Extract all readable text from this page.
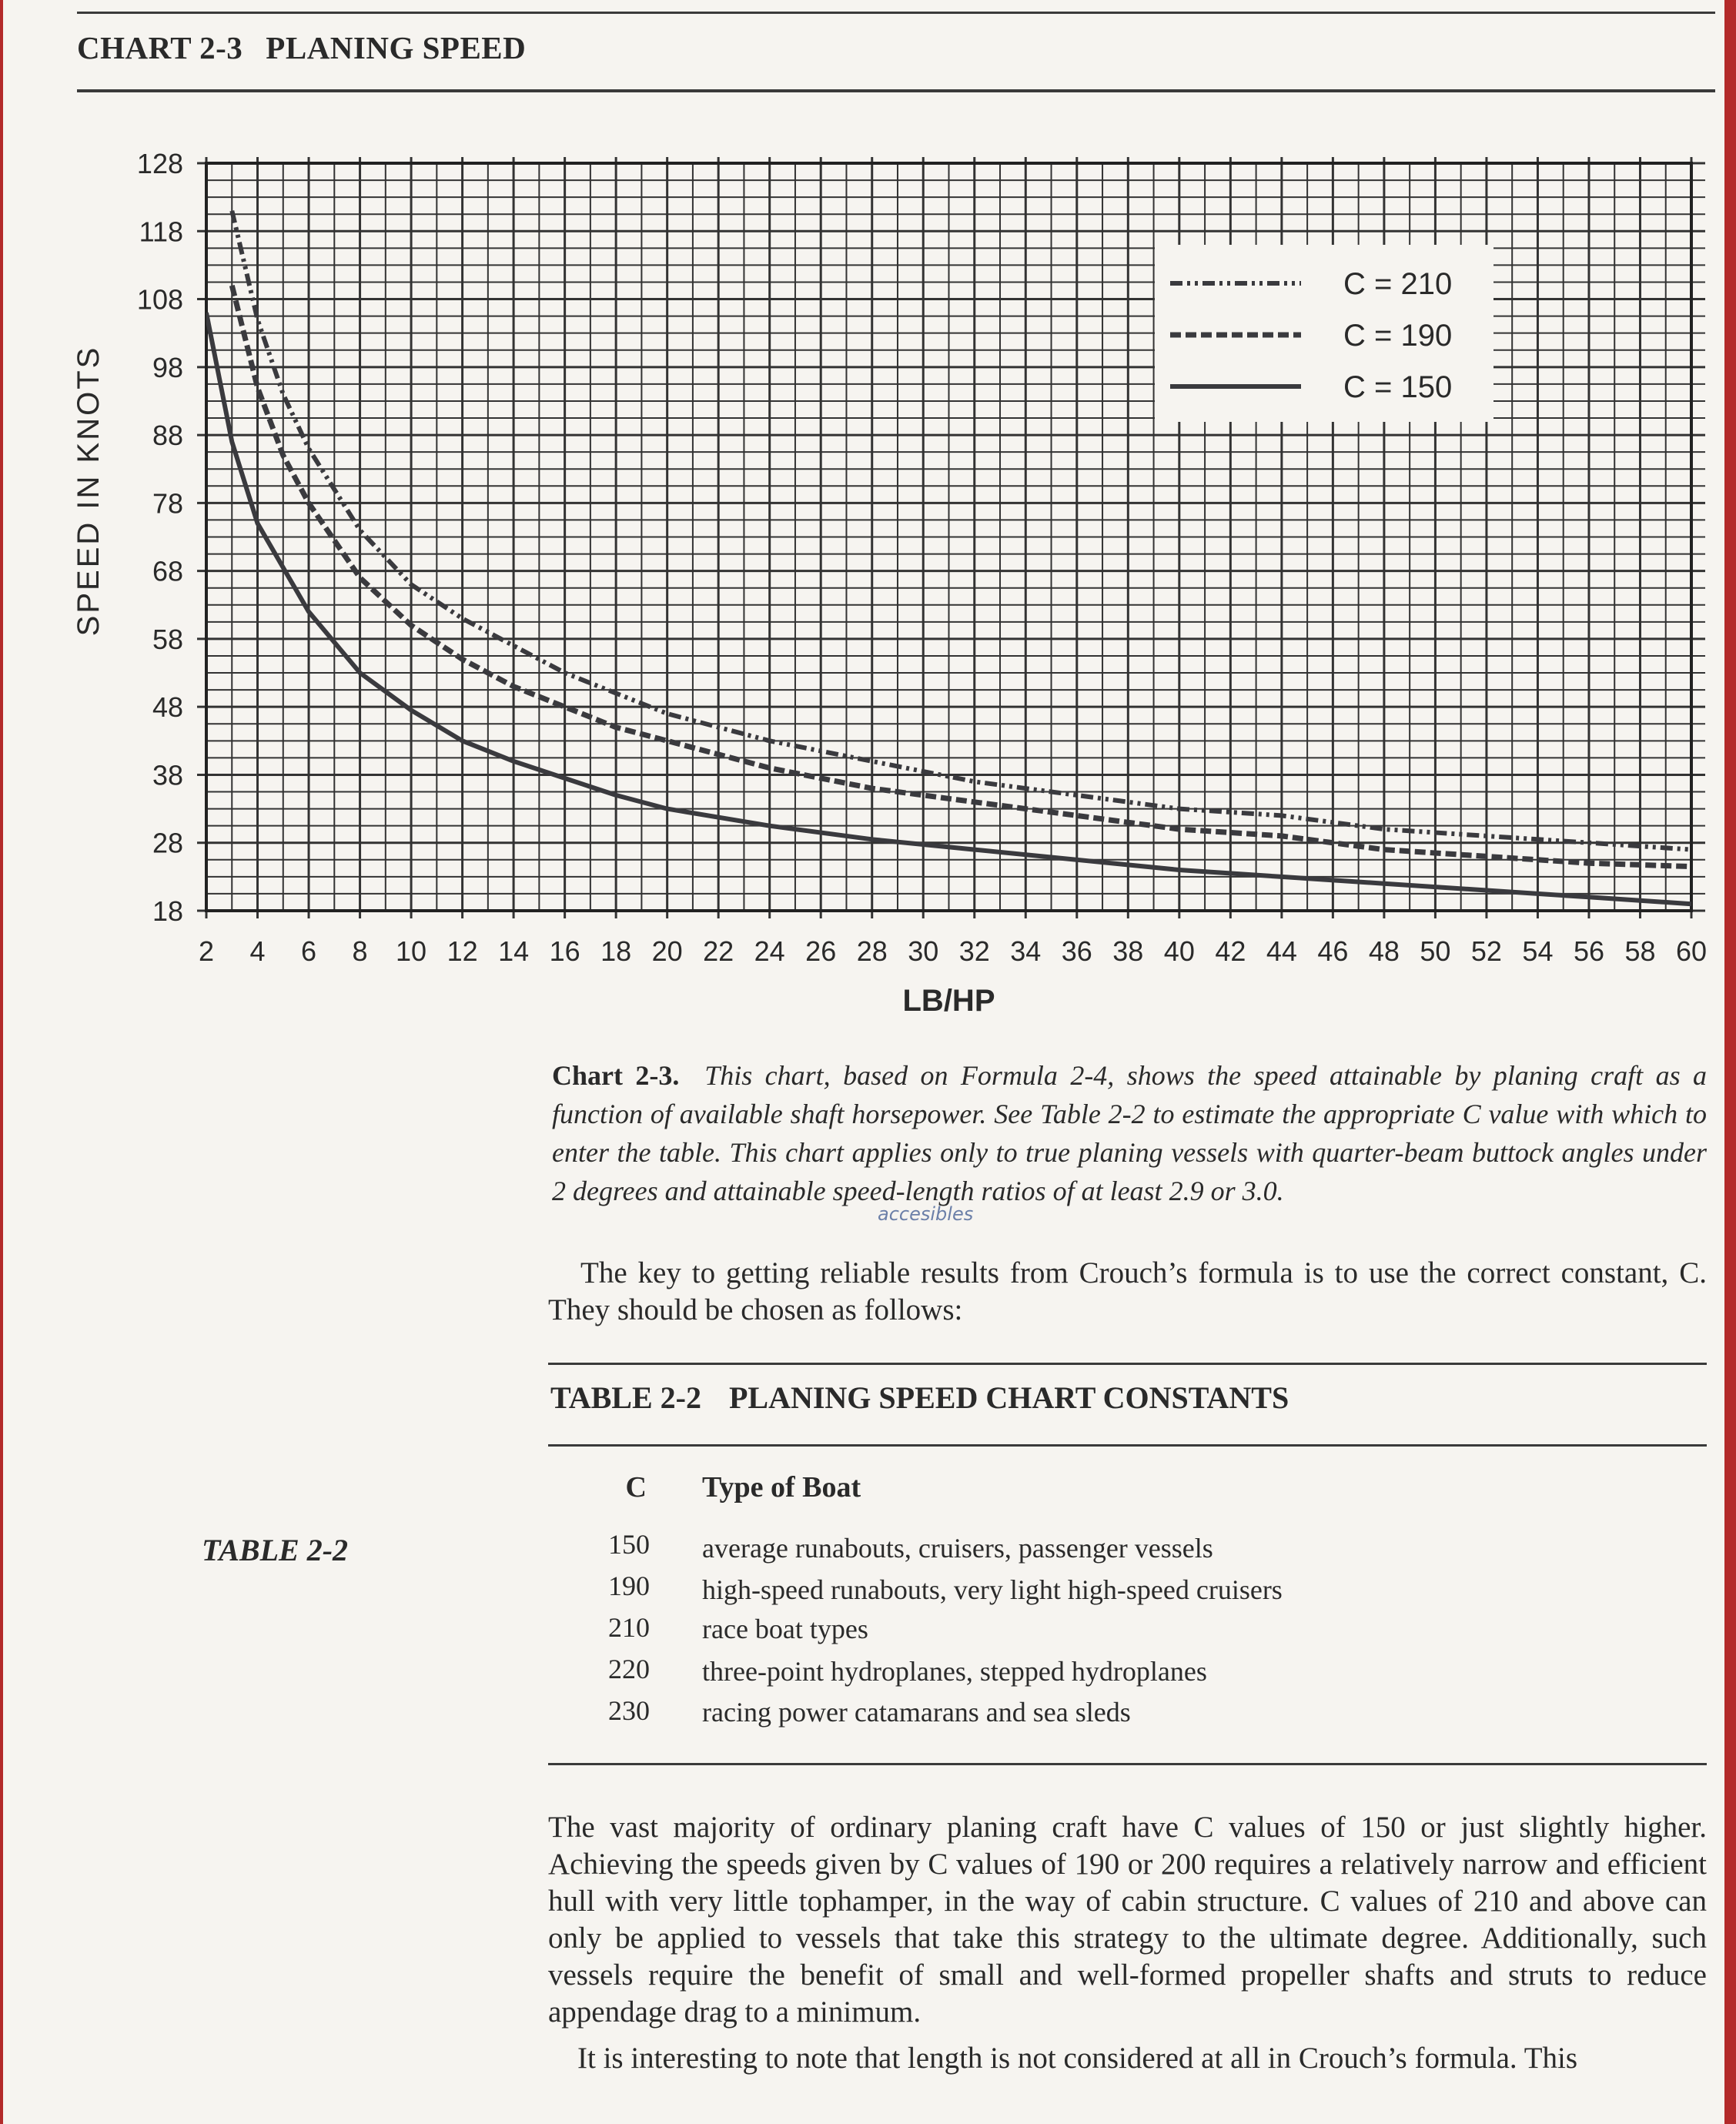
CHART 2-3 PLANING SPEED
18
28
38
48
58
68
78
88
98
108
118
128
2 4 6 8 10 12 14 16 18 20 22 24 26 28 30 32 34 36 38 40 42 44 46 48 50 52 54 56 58 60
LB/HP
SPEED IN KNOTS
C = 210
C = 190
C = 150
Chart 2-3. This chart, based on Formula 2-4, shows the speed attainable by planing craft as a function of available shaft horsepower. See Table 2-2 to estimate the appropriate C value with which to enter the table. This chart applies only to true planing vessels with quarter-beam buttock angles under 2 degrees and attainable speed-length ratios of at least 2.9 or 3.0.
accesibles
The key to getting reliable results from Crouch’s formula is to use the correct constant, C. They should be chosen as follows:
TABLE 2-2 PLANING SPEED CHART CONSTANTS
TABLE 2-2
C Type of Boat
150 average runabouts, cruisers, passenger vessels
190 high-speed runabouts, very light high-speed cruisers
210 race boat types
220 three-point hydroplanes, stepped hydroplanes
230 racing power catamarans and sea sleds
The vast majority of ordinary planing craft have C values of 150 or just slightly higher. Achieving the speeds given by C values of 190 or 200 requires a relatively narrow and efficient hull with very little tophamper, in the way of cabin structure. C values of 210 and above can only be applied to vessels that take this strategy to the ultimate degree. Additionally, such vessels require the benefit of small and well-formed propeller shafts and struts to reduce appendage drag to a minimum.
It is interesting to note that length is not considered at all in Crouch’s formula. This
